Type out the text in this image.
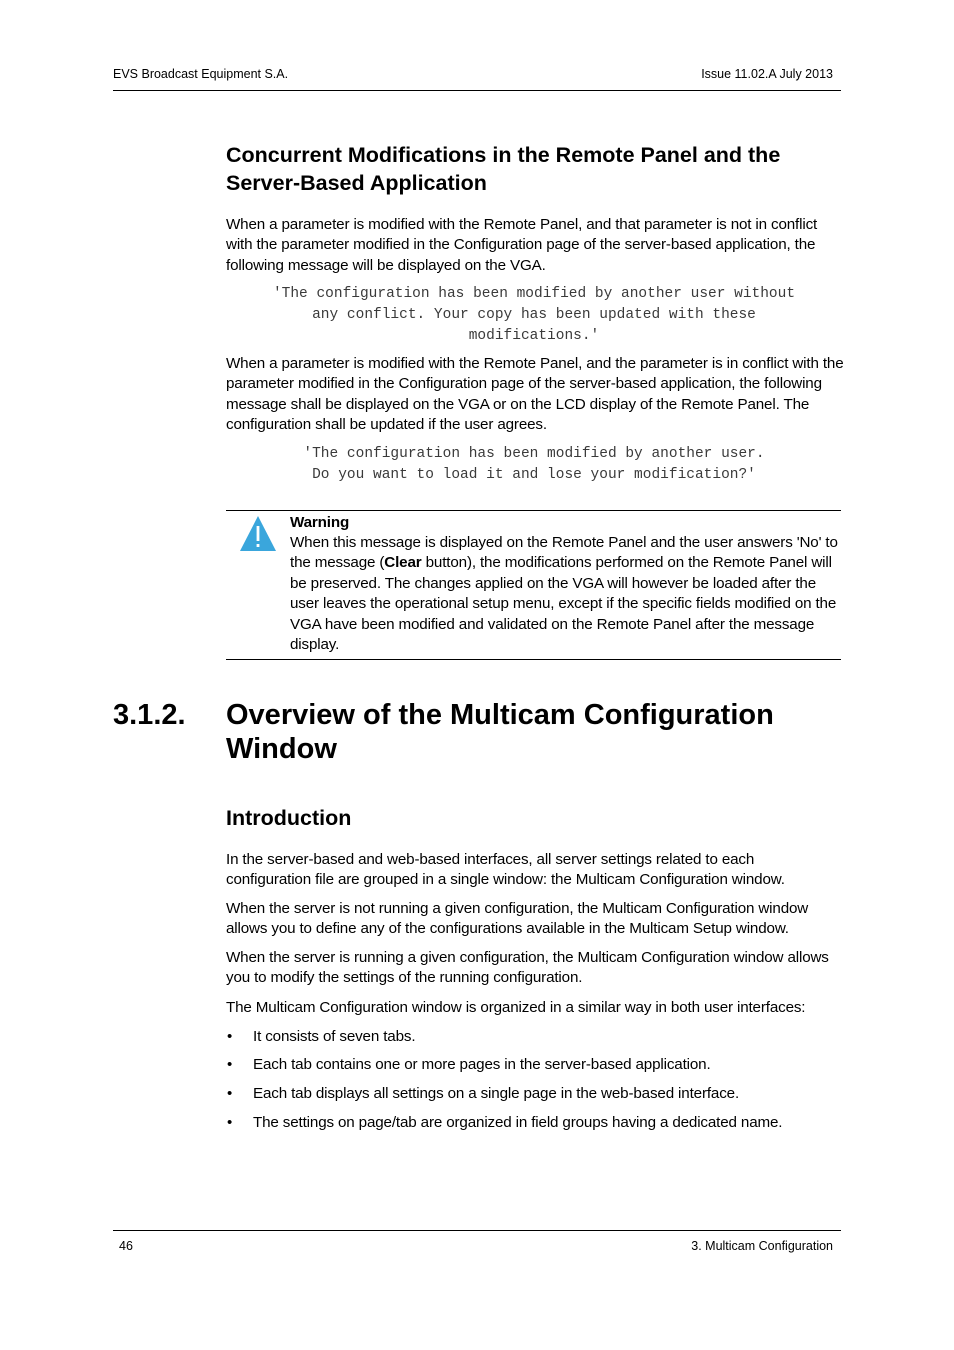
EVS Broadcast Equipment S.A.	Issue 11.02.A July 2013
Concurrent Modifications in the Remote Panel and the Server-Based Application

When a parameter is modified with the Remote Panel, and that parameter is not in conflict with the parameter modified in the Configuration page of the server-based application, the following message will be displayed on the VGA.

'The configuration has been modified by another user without
any conflict. Your copy has been updated with these
modifications.'

When a parameter is modified with the Remote Panel, and the parameter is in conflict with the parameter modified in the Configuration page of the server-based application, the following message shall be displayed on the VGA or on the LCD display of the Remote Panel. The configuration shall be updated if the user agrees.

'The configuration has been modified by another user.
Do you want to load it and lose your modification?'
Warning

When this message is displayed on the Remote Panel and the user answers 'No' to the message (Clear button), the modifications performed on the Remote Panel will be preserved. The changes applied on the VGA will however be loaded after the user leaves the operational setup menu, except if the specific fields modified on the VGA have been modified and validated on the Remote Panel after the message display.

3.1.2. Overview of the Multicam Configuration Window
Introduction

In the server-based and web-based interfaces, all server settings related to each configuration file are grouped in a single window: the Multicam Configuration window.

When the server is not running a given configuration, the Multicam Configuration window allows you to define any of the configurations available in the Multicam Setup window.

When the server is running a given configuration, the Multicam Configuration window allows you to modify the settings of the running configuration.

The Multicam Configuration window is organized in a similar way in both user interfaces:

• It consists of seven tabs.
• Each tab contains one or more pages in the server-based application.
• Each tab displays all settings on a single page in the web-based interface.
• The settings on page/tab are organized in field groups having a dedicated name.
46	3. Multicam Configuration
